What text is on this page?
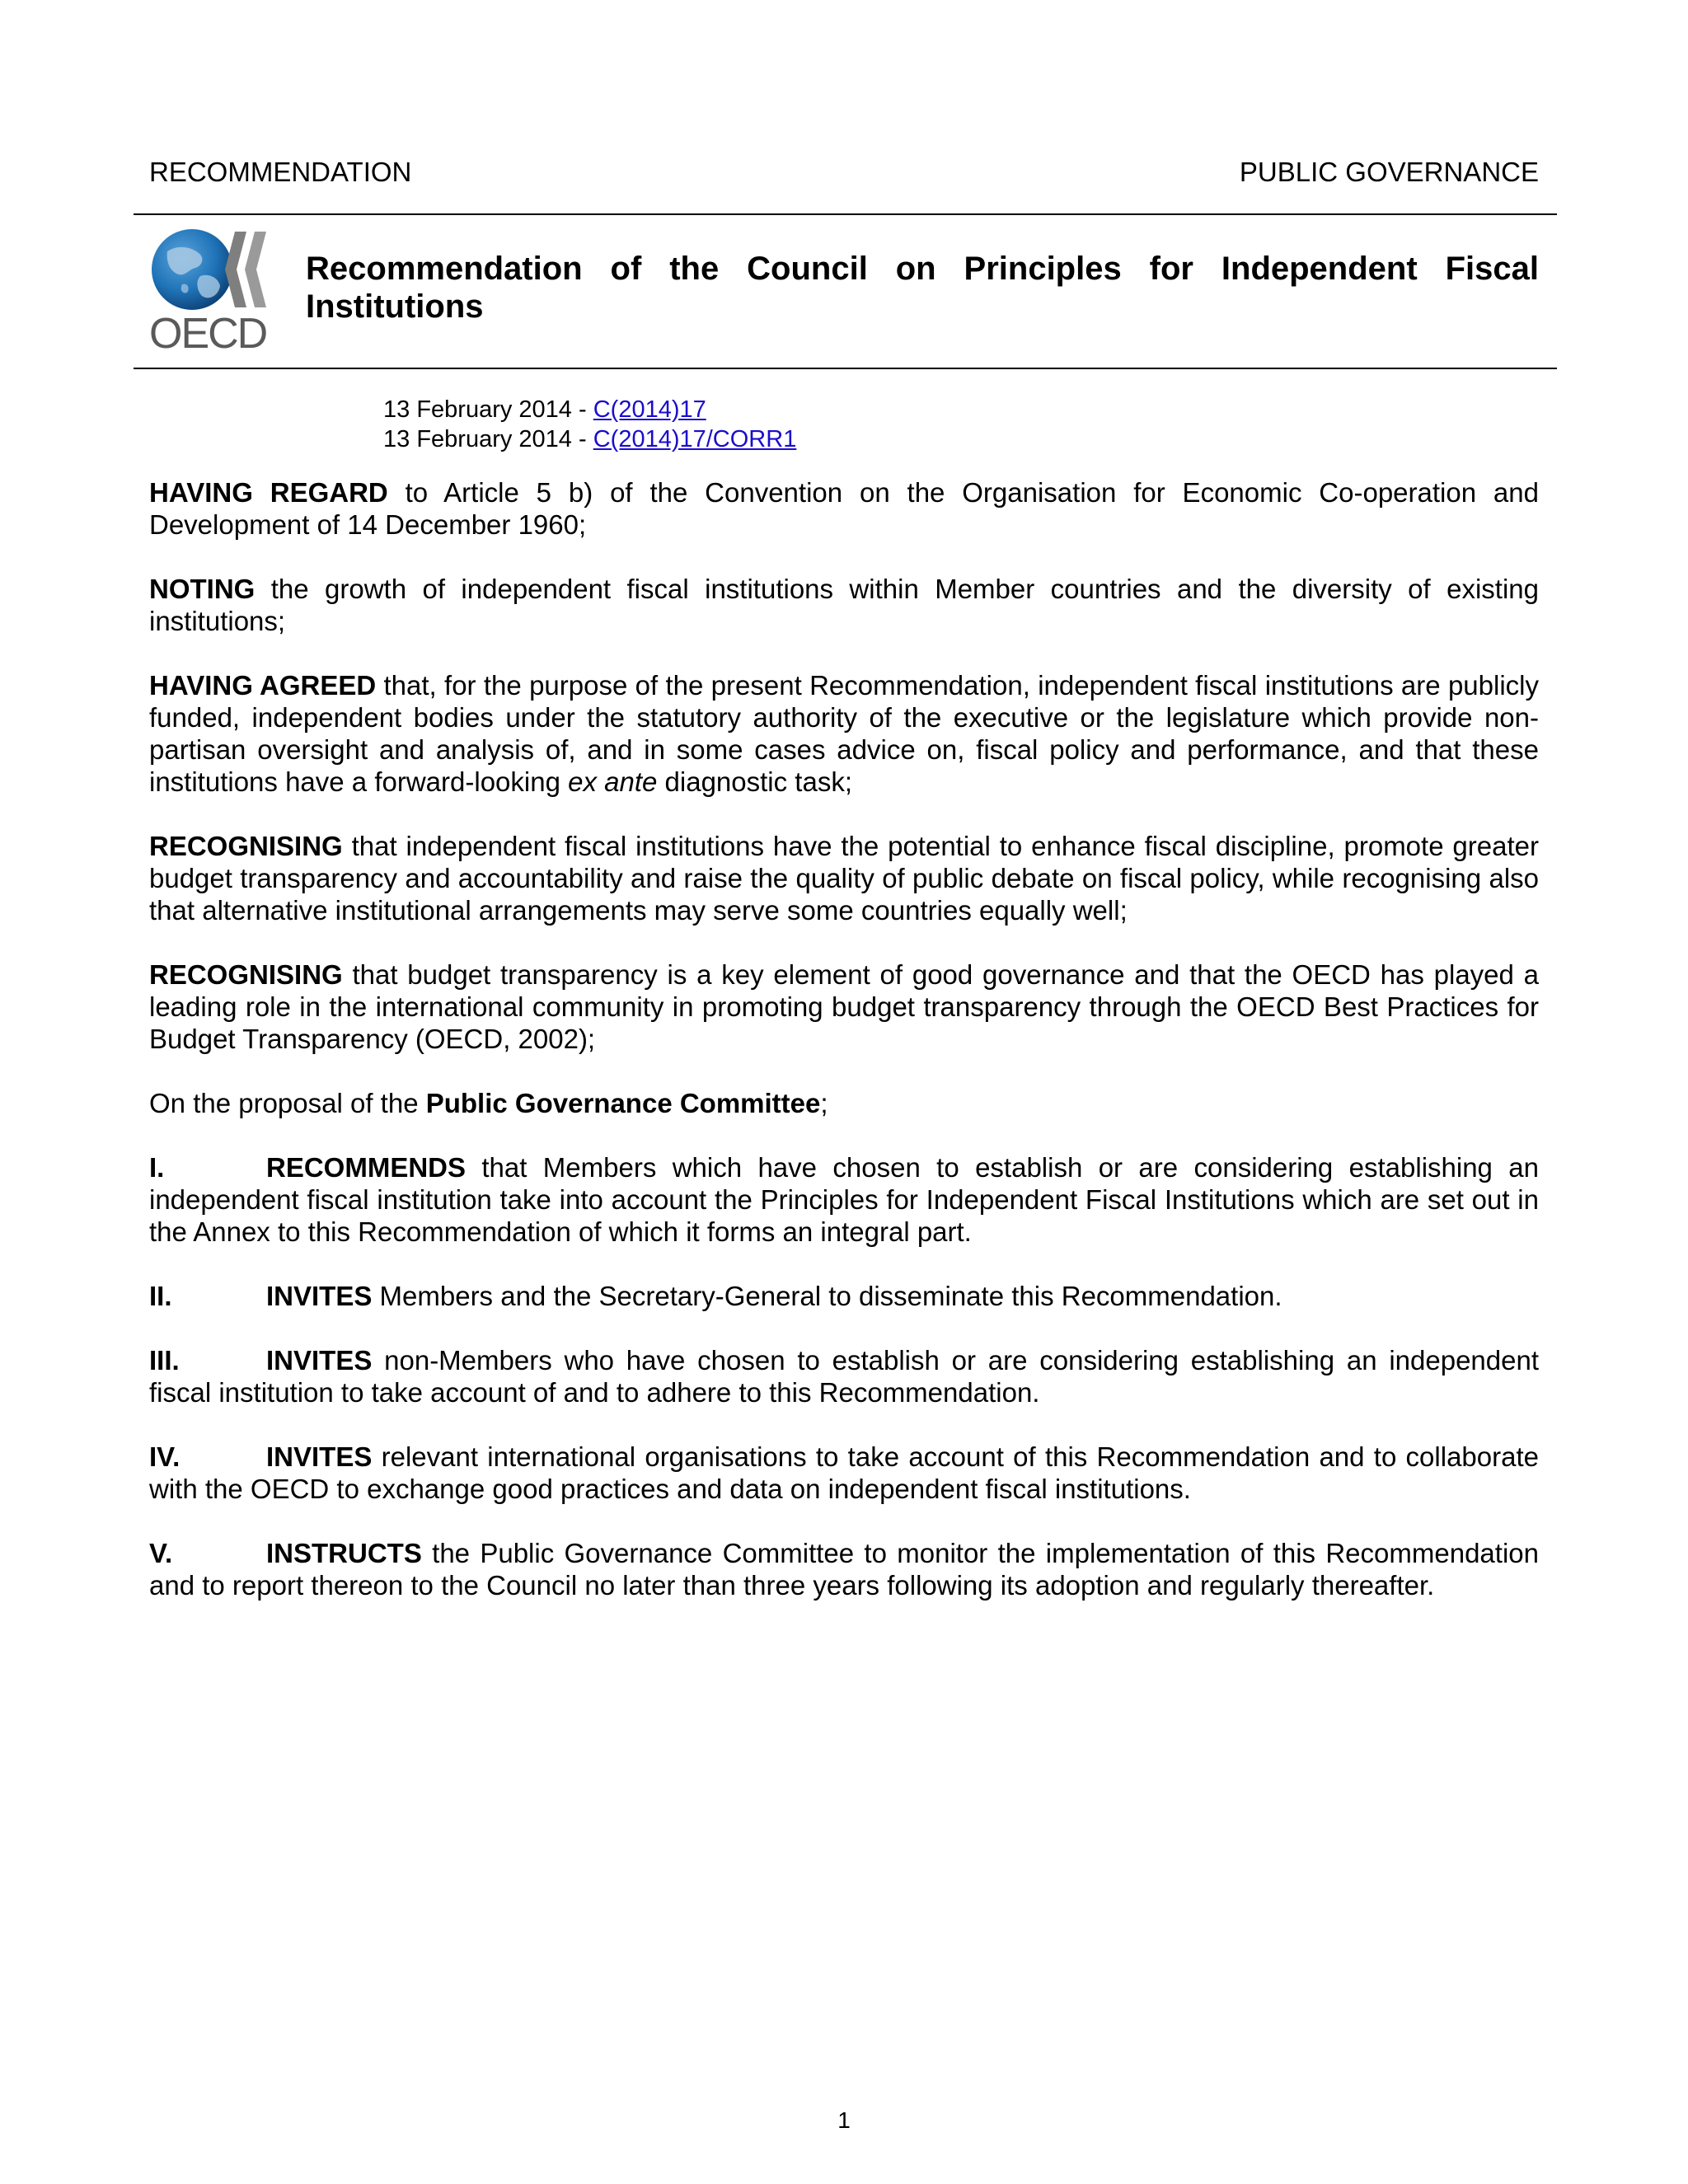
RECOMMENDATION	PUBLIC GOVERNANCE
OECD
Recommendation of the Council on Principles for Independent Fiscal Institutions
13 February 2014 - C(2014)17
13 February 2014 - C(2014)17/CORR1

HAVING REGARD to Article 5 b) of the Convention on the Organisation for Economic Co-operation and Development of 14 December 1960;

NOTING the growth of independent fiscal institutions within Member countries and the diversity of existing institutions;

HAVING AGREED that, for the purpose of the present Recommendation, independent fiscal institutions are publicly funded, independent bodies under the statutory authority of the executive or the legislature which provide non-partisan oversight and analysis of, and in some cases advice on, fiscal policy and performance, and that these institutions have a forward-looking ex ante diagnostic task;

RECOGNISING that independent fiscal institutions have the potential to enhance fiscal discipline, promote greater budget transparency and accountability and raise the quality of public debate on fiscal policy, while recognising also that alternative institutional arrangements may serve some countries equally well;

RECOGNISING that budget transparency is a key element of good governance and that the OECD has played a leading role in the international community in promoting budget transparency through the OECD Best Practices for Budget Transparency (OECD, 2002);

On the proposal of the Public Governance Committee;

I.	RECOMMENDS that Members which have chosen to establish or are considering establishing an independent fiscal institution take into account the Principles for Independent Fiscal Institutions which are set out in the Annex to this Recommendation of which it forms an integral part.

II.	INVITES Members and the Secretary-General to disseminate this Recommendation.

III.	INVITES non-Members who have chosen to establish or are considering establishing an independent fiscal institution to take account of and to adhere to this Recommendation.

IV.	INVITES relevant international organisations to take account of this Recommendation and to collaborate with the OECD to exchange good practices and data on independent fiscal institutions.

V.	INSTRUCTS the Public Governance Committee to monitor the implementation of this Recommendation and to report thereon to the Council no later than three years following its adoption and regularly thereafter.

1
